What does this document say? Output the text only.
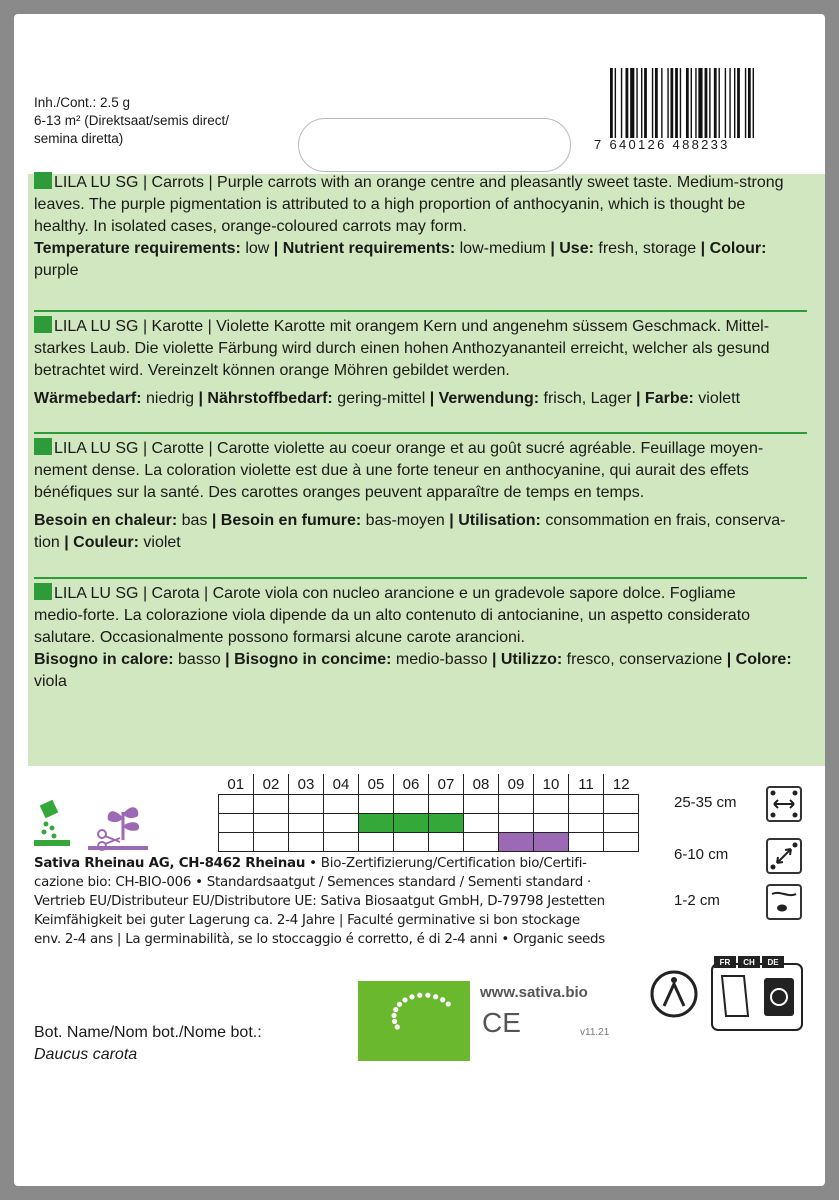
Inh./Cont.: 2.5 g
6-13 m² (Direktsaat/semis direct/
semina diretta)	7 640126 488233

LILA LU SG | Carrots | Purple carrots with an orange centre and pleasantly sweet taste. Medium-strong

leaves. The purple pigmentation is attributed to a high proportion of anthocyanin, which is thought be

healthy. In isolated cases, orange-coloured carrots may form.

Temperature requirements: low | Nutrient requirements: low-medium | Use: fresh, storage | Colour:

purple

LILA LU SG | Karotte | Violette Karotte mit orangem Kern und angenehm süssem Geschmack. Mittel-

starkes Laub. Die violette Färbung wird durch einen hohen Anthozyananteil erreicht, welcher als gesund

betrachtet wird. Vereinzelt können orange Möhren gebildet werden.

Wärmebedarf: niedrig | Nährstoffbedarf: gering-mittel | Verwendung: frisch, Lager | Farbe: violett

LILA LU SG | Carotte | Carotte violette au coeur orange et au goût sucré agréable. Feuillage moyen-

nement dense. La coloration violette est due à une forte teneur en anthocyanine, qui aurait des effets

bénéfiques sur la santé. Des carottes oranges peuvent apparaître de temps en temps.

Besoin en chaleur: bas | Besoin en fumure: bas-moyen | Utilisation: consommation en frais, conserva-

tion | Couleur: violet

LILA LU SG | Carota | Carote viola con nucleo arancione e un gradevole sapore dolce. Fogliame

medio-forte. La colorazione viola dipende da un alto contenuto di antocianine, un aspetto considerato

salutare. Occasionalmente possono formarsi alcune carote arancioni.

Bisogno in calore: basso | Bisogno in concime: medio-basso | Utilizzo: fresco, conservazione | Colore:

viola

01	02	03	04	05	06	07	08	09	10	11	12

Sativa Rheinau AG, CH-8462 Rheinau • Bio-Zertifizierung/Certification bio/Certifi-
cazione bio: CH-BIO-006 • Standardsaatgut / Semences standard / Sementi standard ·
Vertrieb EU/Distributeur EU/Distributore UE: Sativa Biosaatgut GmbH, D-79798 Jestetten
Keimfähigkeit bei guter Lagerung ca. 2-4 Jahre | Faculté germinative si bon stockage
env. 2-4 ans | La germinabilità, se lo stoccaggio é corretto, é di 2-4 anni • Organic seeds
25-35 cm
6-10 cm
1-2 cm
FR CH DE
www.sativa.bio
CE	v11.21
Bot. Name/Nom bot./Nome bot.:
Daucus carota
